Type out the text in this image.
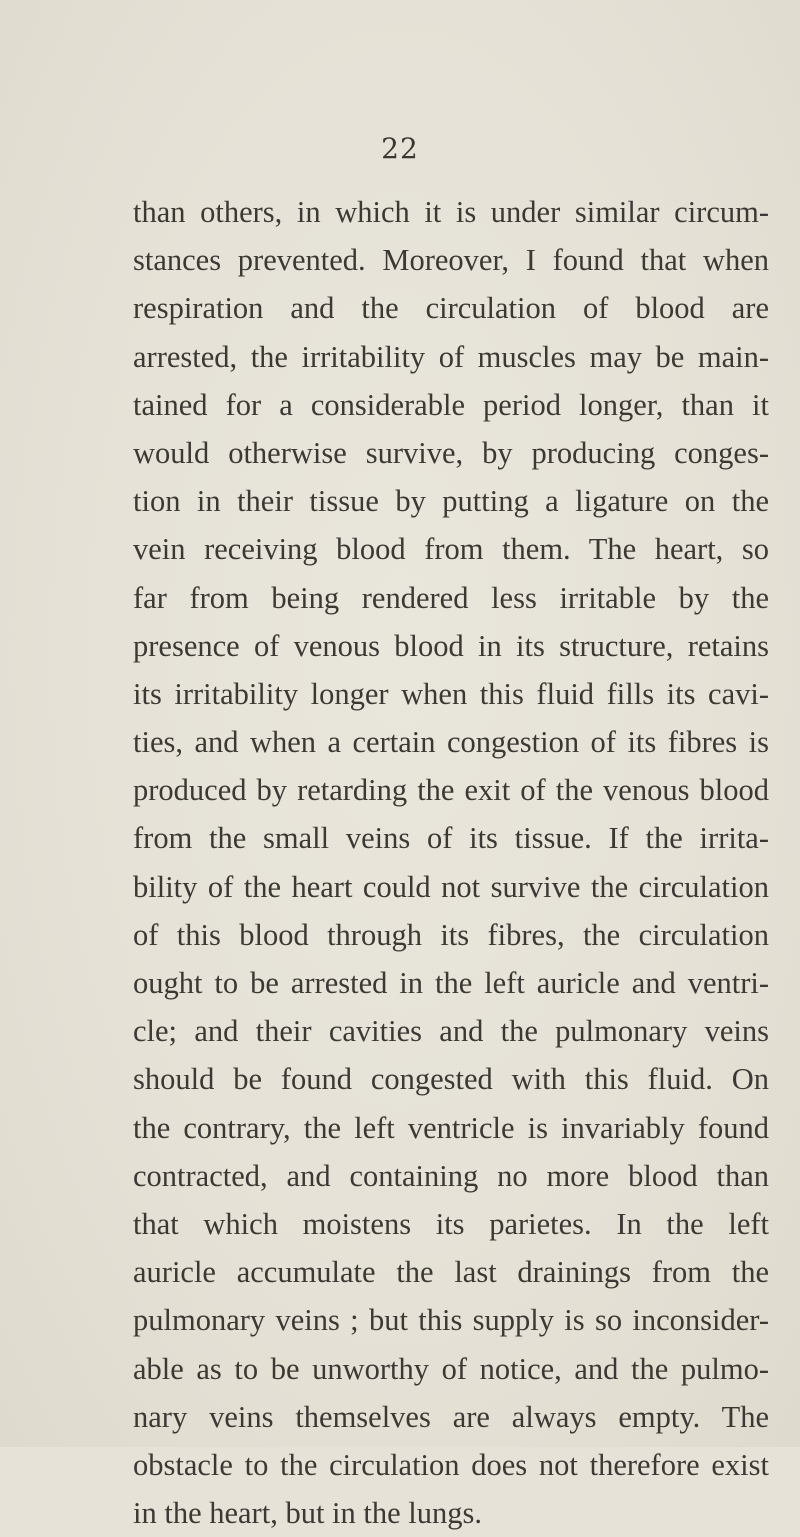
22
than others, in which it is under similar circum-
stances prevented. Moreover, I found that when
respiration and the circulation of blood are
arrested, the irritability of muscles may be main-
tained for a considerable period longer, than it
would otherwise survive, by producing conges-
tion in their tissue by putting a ligature on the
vein receiving blood from them. The heart, so
far from being rendered less irritable by the
presence of venous blood in its structure, retains
its irritability longer when this fluid fills its cavi-
ties, and when a certain congestion of its fibres is
produced by retarding the exit of the venous blood
from the small veins of its tissue. If the irrita-
bility of the heart could not survive the circulation
of this blood through its fibres, the circulation
ought to be arrested in the left auricle and ventri-
cle; and their cavities and the pulmonary veins
should be found congested with this fluid. On
the contrary, the left ventricle is invariably found
contracted, and containing no more blood than
that which moistens its parietes. In the left
auricle accumulate the last drainings from the
pulmonary veins ; but this supply is so inconsider-
able as to be unworthy of notice, and the pulmo-
nary veins themselves are always empty. The
obstacle to the circulation does not therefore exist
in the heart, but in the lungs.
